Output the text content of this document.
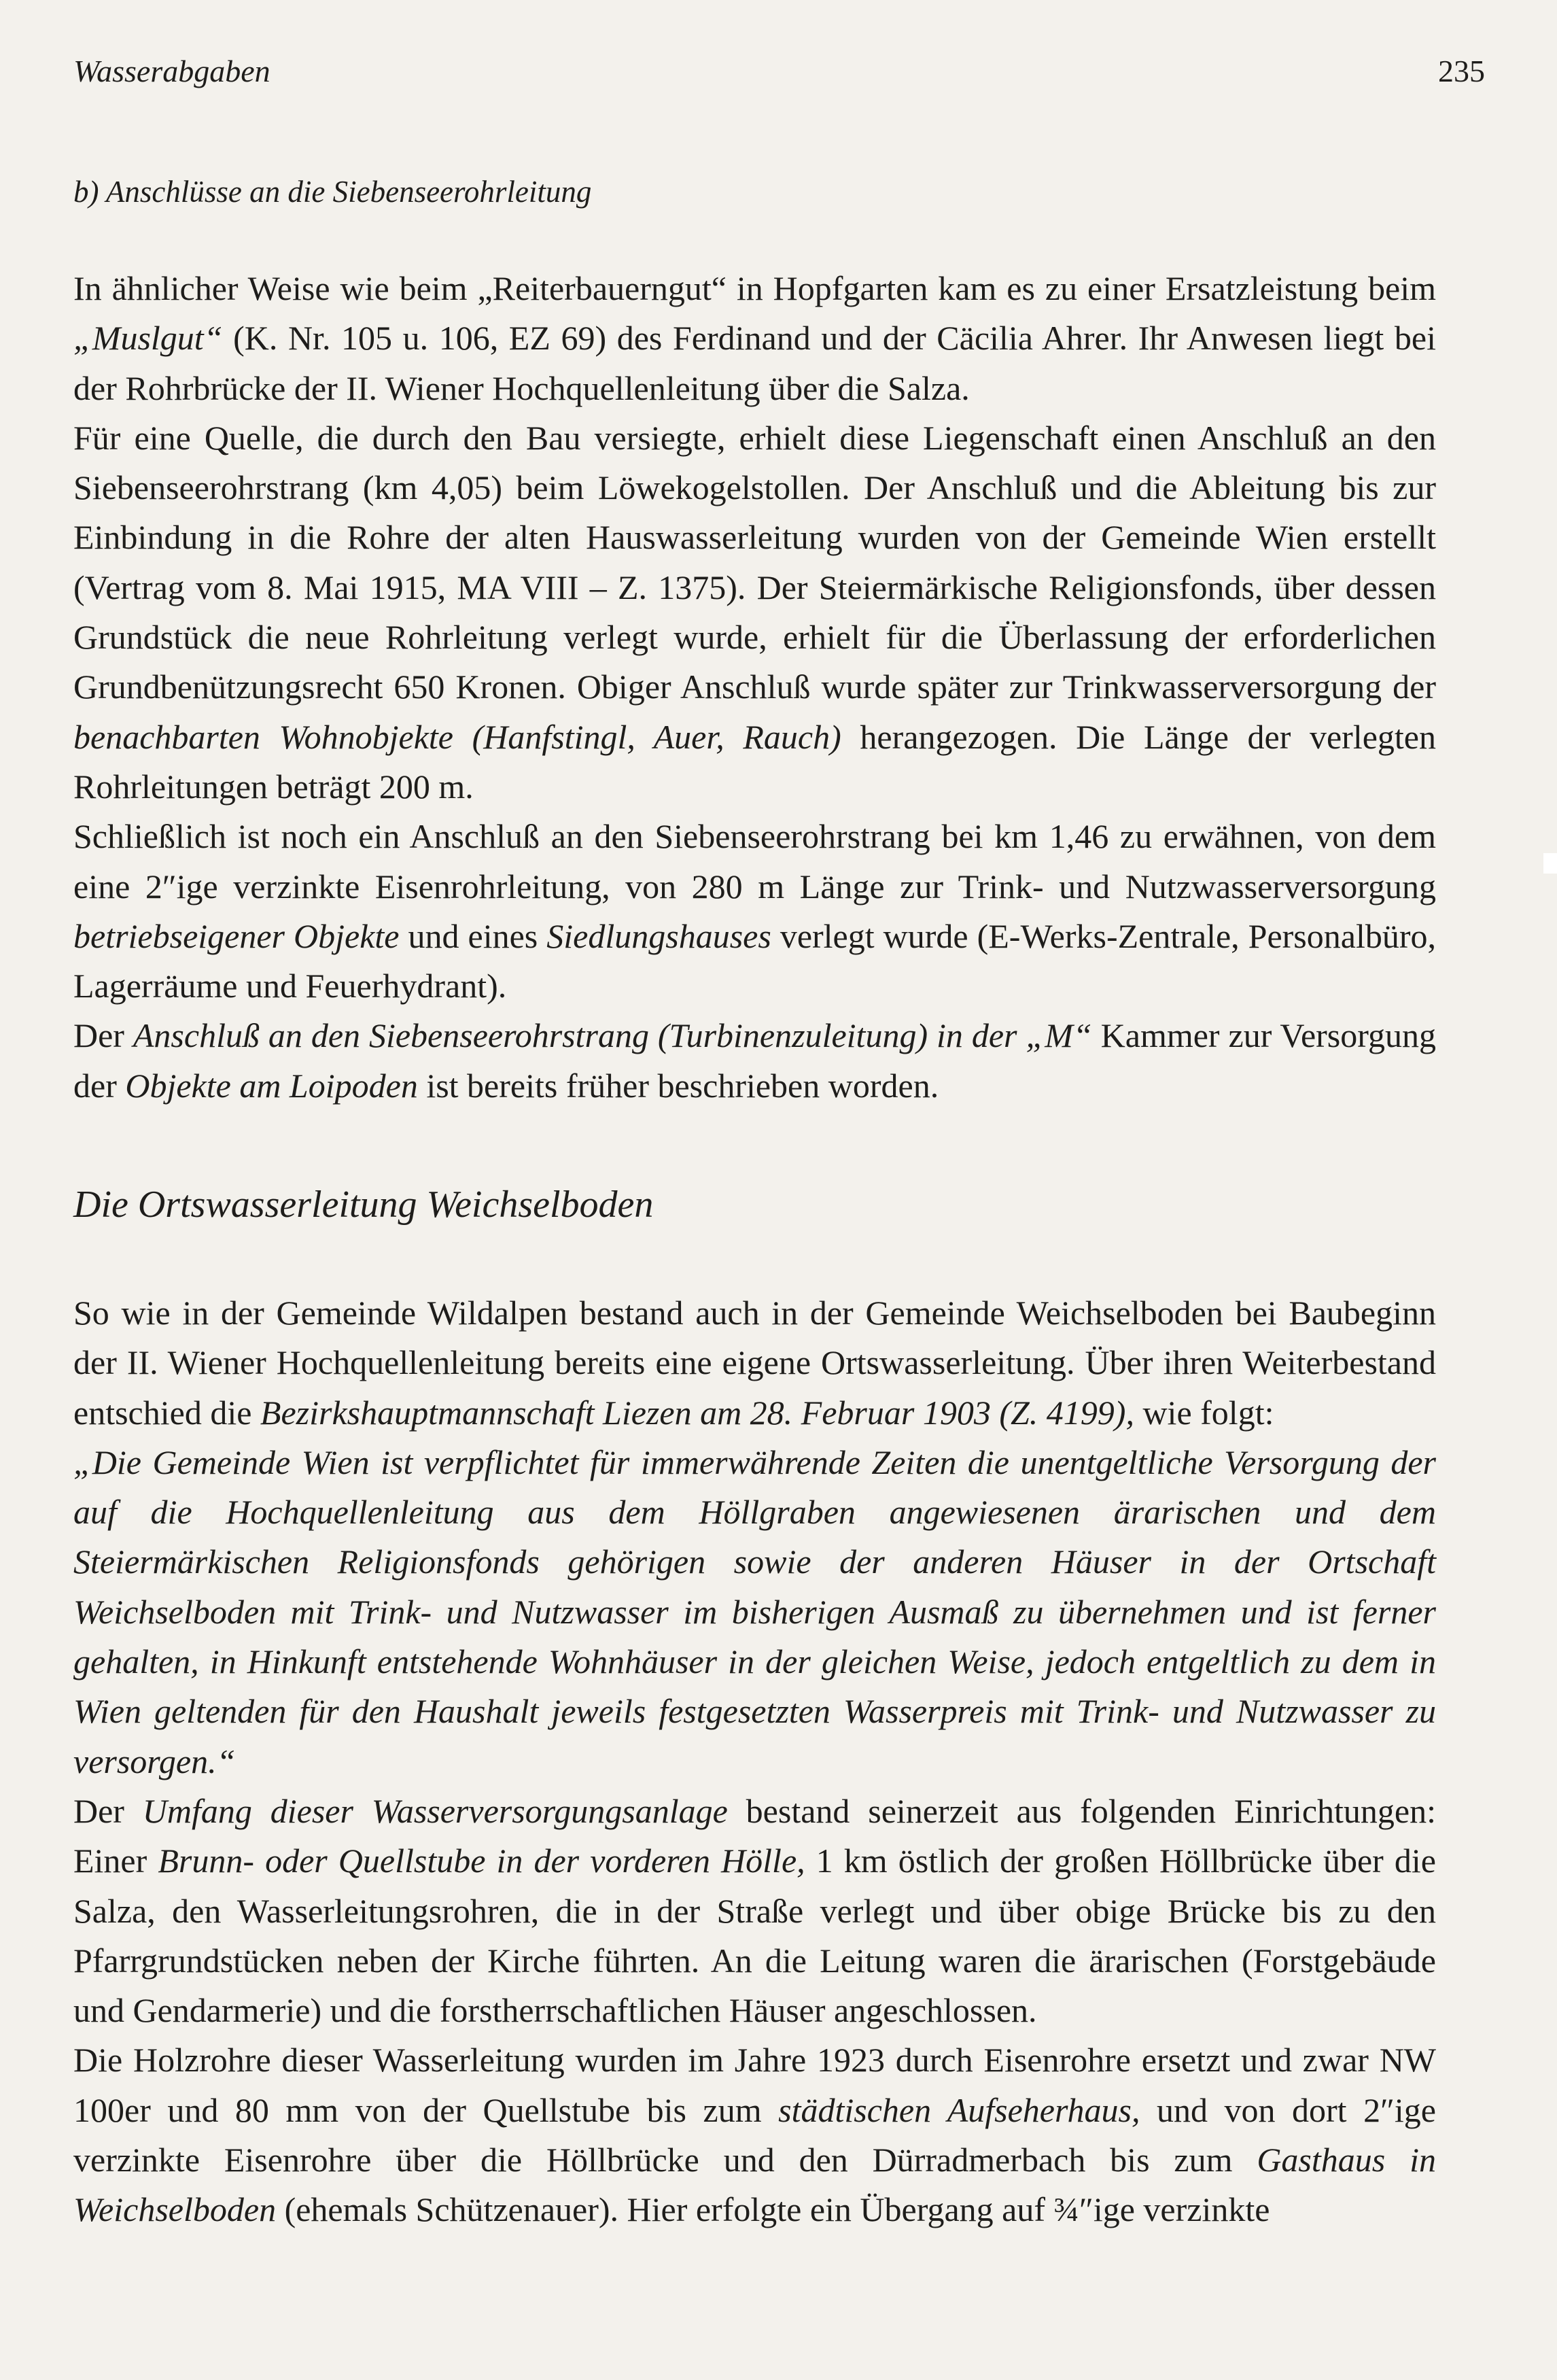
Wasserabgaben	235
b) Anschlüsse an die Siebenseerohrleitung

In ähnlicher Weise wie beim „Reiterbauerngut“ in Hopfgarten kam es zu einer Ersatzleistung beim „Muslgut“ (K. Nr. 105 u. 106, EZ 69) des Ferdinand und der Cäcilia Ahrer. Ihr Anwesen liegt bei der Rohrbrücke der II. Wiener Hochquellenleitung über die Salza.

Für eine Quelle, die durch den Bau versiegte, erhielt diese Liegenschaft einen Anschluß an den Siebenseerohrstrang (km 4,05) beim Löwekogelstollen. Der Anschluß und die Ableitung bis zur Einbindung in die Rohre der alten Hauswasserleitung wurden von der Gemeinde Wien erstellt (Vertrag vom 8. Mai 1915, MA VIII – Z. 1375). Der Steiermärkische Religionsfonds, über dessen Grundstück die neue Rohrleitung verlegt wurde, erhielt für die Überlassung der erforderlichen Grundbenützungsrecht 650 Kronen. Obiger Anschluß wurde später zur Trinkwasserversorgung der benachbarten Wohnobjekte (Hanfstingl, Auer, Rauch) herangezogen. Die Länge der verlegten Rohrleitungen beträgt 200 m.

Schließlich ist noch ein Anschluß an den Siebenseerohrstrang bei km 1,46 zu erwähnen, von dem eine 2″ige verzinkte Eisenrohrleitung, von 280 m Länge zur Trink- und Nutzwasserversorgung betriebseigener Objekte und eines Siedlungshauses verlegt wurde (E-Werks-Zentrale, Personalbüro, Lagerräume und Feuerhydrant).

Der Anschluß an den Siebenseerohrstrang (Turbinenzuleitung) in der „M“ Kammer zur Versorgung der Objekte am Loipoden ist bereits früher beschrieben worden.

Die Ortswasserleitung Weichselboden

So wie in der Gemeinde Wildalpen bestand auch in der Gemeinde Weichselboden bei Baubeginn der II. Wiener Hochquellenleitung bereits eine eigene Ortswasserleitung. Über ihren Weiterbestand entschied die Bezirkshauptmannschaft Liezen am 28. Februar 1903 (Z. 4199), wie folgt:

„Die Gemeinde Wien ist verpflichtet für immerwährende Zeiten die unentgeltliche Versorgung der auf die Hochquellenleitung aus dem Höllgraben angewiesenen ärarischen und dem Steiermärkischen Religionsfonds gehörigen sowie der anderen Häuser in der Ortschaft Weichselboden mit Trink- und Nutzwasser im bisherigen Ausmaß zu übernehmen und ist ferner gehalten, in Hinkunft entstehende Wohnhäuser in der gleichen Weise, jedoch entgeltlich zu dem in Wien geltenden für den Haushalt jeweils festgesetzten Wasserpreis mit Trink- und Nutzwasser zu versorgen.“

Der Umfang dieser Wasserversorgungsanlage bestand seinerzeit aus folgenden Einrichtungen: Einer Brunn- oder Quellstube in der vorderen Hölle, 1 km östlich der großen Höllbrücke über die Salza, den Wasserleitungsrohren, die in der Straße verlegt und über obige Brücke bis zu den Pfarrgrundstücken neben der Kirche führten. An die Leitung waren die ärarischen (Forstgebäude und Gendarmerie) und die forstherrschaftlichen Häuser angeschlossen.

Die Holzrohre dieser Wasserleitung wurden im Jahre 1923 durch Eisenrohre ersetzt und zwar NW 100er und 80 mm von der Quellstube bis zum städtischen Aufseherhaus, und von dort 2″ige verzinkte Eisenrohre über die Höllbrücke und den Dürradmerbach bis zum Gasthaus in Weichselboden (ehemals Schützenauer). Hier erfolgte ein Übergang auf ¾″ige verzinkte
